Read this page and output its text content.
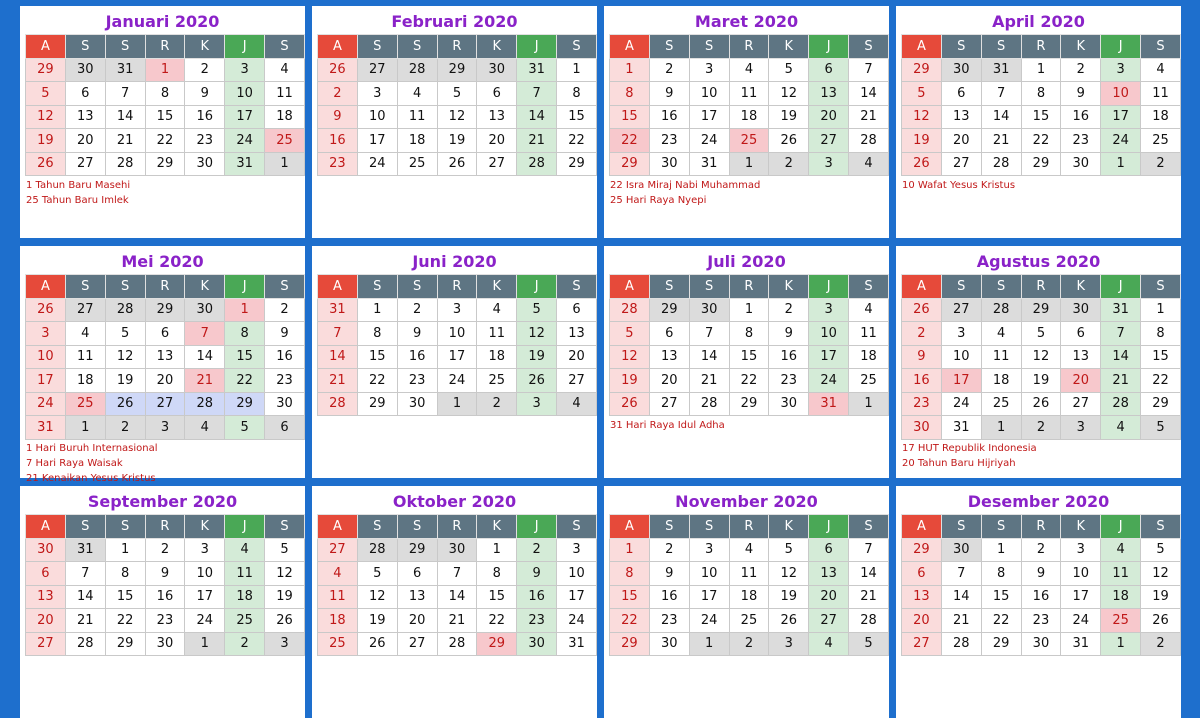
Januari 2020
A	S	S	R	K	J	S
29	30	31	1	2	3	4
5	6	7	8	9	10	11
12	13	14	15	16	17	18
19	20	21	22	23	24	25
26	27	28	29	30	31	1
1 Tahun Baru Masehi
25 Tahun Baru Imlek
Februari 2020
A	S	S	R	K	J	S
26	27	28	29	30	31	1
2	3	4	5	6	7	8
9	10	11	12	13	14	15
16	17	18	19	20	21	22
23	24	25	26	27	28	29
Maret 2020
A	S	S	R	K	J	S
1	2	3	4	5	6	7
8	9	10	11	12	13	14
15	16	17	18	19	20	21
22	23	24	25	26	27	28
29	30	31	1	2	3	4
22 Isra Miraj Nabi Muhammad
25 Hari Raya Nyepi
April 2020
A	S	S	R	K	J	S
29	30	31	1	2	3	4
5	6	7	8	9	10	11
12	13	14	15	16	17	18
19	20	21	22	23	24	25
26	27	28	29	30	1	2
10 Wafat Yesus Kristus
Mei 2020
A	S	S	R	K	J	S
26	27	28	29	30	1	2
3	4	5	6	7	8	9
10	11	12	13	14	15	16
17	18	19	20	21	22	23
24	25	26	27	28	29	30
31	1	2	3	4	5	6
1 Hari Buruh Internasional
7 Hari Raya Waisak
21 Kenaikan Yesus Kristus
Juni 2020
A	S	S	R	K	J	S
31	1	2	3	4	5	6
7	8	9	10	11	12	13
14	15	16	17	18	19	20
21	22	23	24	25	26	27
28	29	30	1	2	3	4
Juli 2020
A	S	S	R	K	J	S
28	29	30	1	2	3	4
5	6	7	8	9	10	11
12	13	14	15	16	17	18
19	20	21	22	23	24	25
26	27	28	29	30	31	1
31 Hari Raya Idul Adha
Agustus 2020
A	S	S	R	K	J	S
26	27	28	29	30	31	1
2	3	4	5	6	7	8
9	10	11	12	13	14	15
16	17	18	19	20	21	22
23	24	25	26	27	28	29
30	31	1	2	3	4	5
17 HUT Republik Indonesia
20 Tahun Baru Hijriyah
September 2020
A	S	S	R	K	J	S
30	31	1	2	3	4	5
6	7	8	9	10	11	12
13	14	15	16	17	18	19
20	21	22	23	24	25	26
27	28	29	30	1	2	3
Oktober 2020
A	S	S	R	K	J	S
27	28	29	30	1	2	3
4	5	6	7	8	9	10
11	12	13	14	15	16	17
18	19	20	21	22	23	24
25	26	27	28	29	30	31
November 2020
A	S	S	R	K	J	S
1	2	3	4	5	6	7
8	9	10	11	12	13	14
15	16	17	18	19	20	21
22	23	24	25	26	27	28
29	30	1	2	3	4	5
Desember 2020
A	S	S	R	K	J	S
29	30	1	2	3	4	5
6	7	8	9	10	11	12
13	14	15	16	17	18	19
20	21	22	23	24	25	26
27	28	29	30	31	1	2
